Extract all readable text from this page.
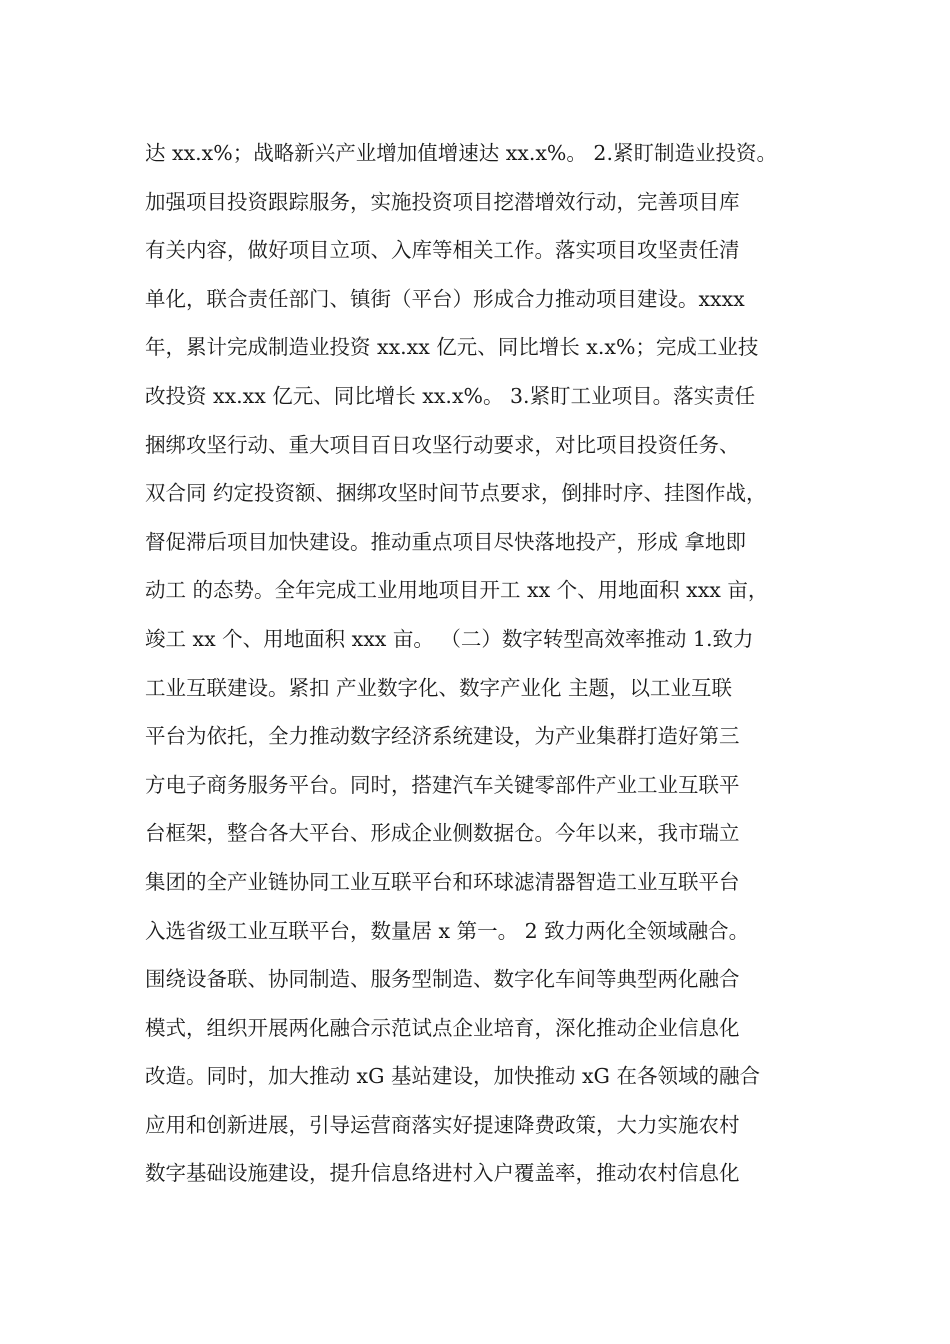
达 xx.x%；战略新兴产业增加值增速达 xx.x%。 2.紧盯制造业投资。
加强项目投资跟踪服务，实施投资项目挖潜增效行动，完善项目库
有关内容，做好项目立项、入库等相关工作。落实项目攻坚责任清
单化，联合责任部门、镇街（平台）形成合力推动项目建设。xxxx
年，累计完成制造业投资 xx.xx 亿元、同比增长 x.x%；完成工业技
改投资 xx.xx 亿元、同比增长 xx.x%。 3.紧盯工业项目。落实责任
捆绑攻坚行动、重大项目百日攻坚行动要求，对比项目投资任务、
双合同 约定投资额、捆绑攻坚时间节点要求，倒排时序、挂图作战，
督促滞后项目加快建设。推动重点项目尽快落地投产，形成 拿地即
动工 的态势。全年完成工业用地项目开工 xx 个、用地面积 xxx 亩，
竣工 xx 个、用地面积 xxx 亩。 （二）数字转型高效率推动 1.致力
工业互联建设。紧扣 产业数字化、数字产业化 主题，以工业互联
平台为依托，全力推动数字经济系统建设，为产业集群打造好第三
方电子商务服务平台。同时，搭建汽车关键零部件产业工业互联平
台框架，整合各大平台、形成企业侧数据仓。今年以来，我市瑞立
集团的全产业链协同工业互联平台和环球滤清器智造工业互联平台
入选省级工业互联平台，数量居 x 第一。 2 致力两化全领域融合。
围绕设备联、协同制造、服务型制造、数字化车间等典型两化融合
模式，组织开展两化融合示范试点企业培育，深化推动企业信息化
改造。同时，加大推动 xG 基站建设，加快推动 xG 在各领域的融合
应用和创新进展，引导运营商落实好提速降费政策，大力实施农村
数字基础设施建设，提升信息络进村入户覆盖率，推动农村信息化
